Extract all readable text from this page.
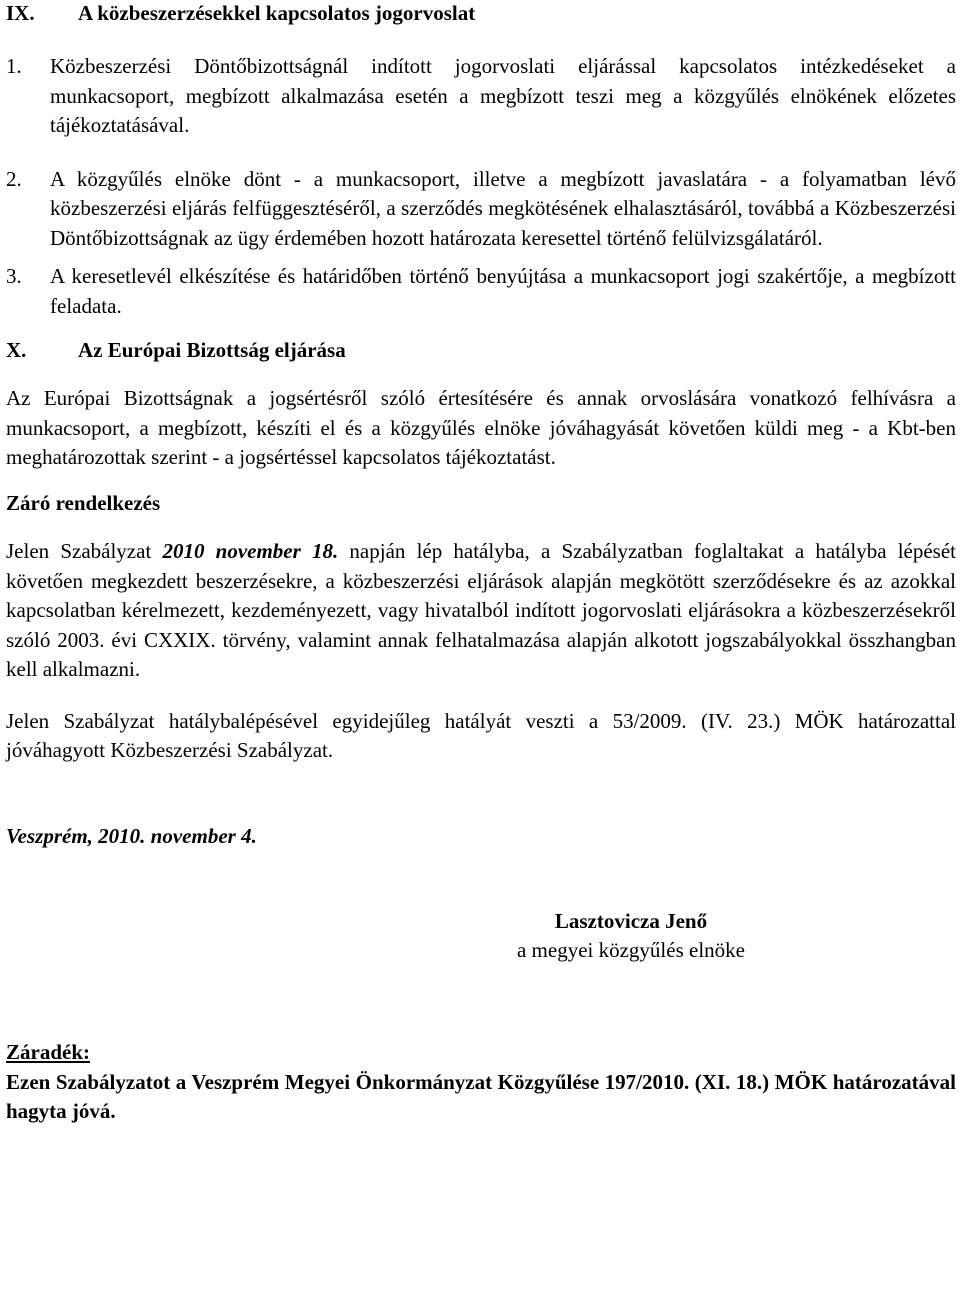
IX.	A közbeszerzésekkel kapcsolatos jogorvoslat
1.	Közbeszerzési Döntőbizottságnál indított jogorvoslati eljárással kapcsolatos intézkedéseket a munkacsoport, megbízott alkalmazása esetén a megbízott teszi meg a közgyűlés elnökének előzetes tájékoztatásával.
2.	A közgyűlés elnöke dönt - a munkacsoport, illetve a megbízott javaslatára - a folyamatban lévő közbeszerzési eljárás felfüggesztéséről, a szerződés megkötésének elhalasztásáról, továbbá a Közbeszerzési Döntőbizottságnak az ügy érdemében hozott határozata keresettel történő felülvizsgálatáról.
3.	A keresetlevél elkészítése és határidőben történő benyújtása a munkacsoport jogi szakértője, a megbízott feladata.
X.	Az Európai Bizottság eljárása
Az Európai Bizottságnak a jogsértésről szóló értesítésére és annak orvoslására vonatkozó felhívásra a munkacsoport, a megbízott, készíti el és a közgyűlés elnöke jóváhagyását követően küldi meg - a Kbt-ben meghatározottak szerint - a jogsértéssel kapcsolatos tájékoztatást.
Záró rendelkezés
Jelen Szabályzat 2010 november 18. napján lép hatályba, a Szabályzatban foglaltakat a hatályba lépését követően megkezdett beszerzésekre, a közbeszerzési eljárások alapján megkötött szerződésekre és az azokkal kapcsolatban kérelmezett, kezdeményezett, vagy hivatalból indított jogorvoslati eljárásokra a közbeszerzésekről szóló 2003. évi CXXIX. törvény, valamint annak felhatalmazása alapján alkotott jogszabályokkal összhangban kell alkalmazni.
Jelen Szabályzat hatálybalépésével egyidejűleg hatályát veszti a 53/2009. (IV. 23.) MÖK határozattal jóváhagyott Közbeszerzési Szabályzat.
Veszprém, 2010. november 4.
Lasztovicza Jenő
a megyei közgyűlés elnöke
Záradék:
Ezen Szabályzatot a Veszprém Megyei Önkormányzat Közgyűlése 197/2010. (XI. 18.) MÖK határozatával hagyta jóvá.
